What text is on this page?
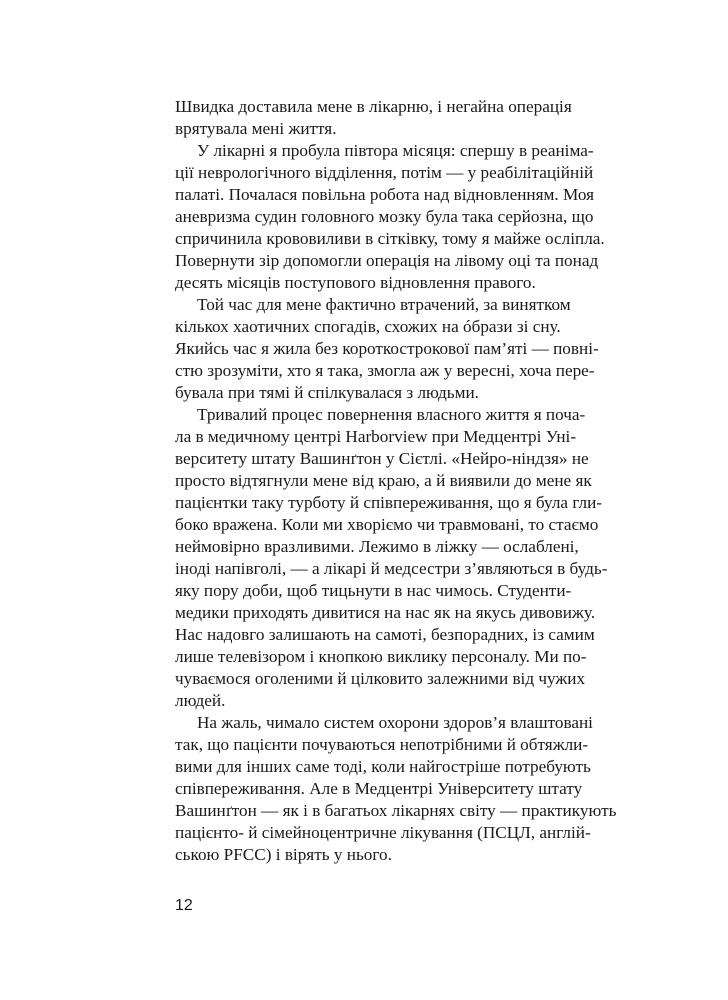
Швидка доставила мене в лікарню, і негайна операція
врятувала мені життя.
У лікарні я пробула півтора місяця: спершу в реаніма-
ції неврологічного відділення, потім — у реабілітаційній
палаті. Почалася повільна робота над відновленням. Моя
аневризма судин головного мозку була така серйозна, що
спричинила крововиливи в сітківку, тому я майже осліпла.
Повернути зір допомогли операція на лівому оці та понад
десять місяців поступового відновлення правого.
Той час для мене фактично втрачений, за винятком
кількох хаотичних спогадів, схожих на óбрази зі сну.
Якийсь час я жила без короткострокової пам’яті — повні-
стю зрозуміти, хто я така, змогла аж у вересні, хоча пере-
бувала при тямі й спілкувалася з людьми.
Тривалий процес повернення власного життя я поча-
ла в медичному центрі Harborview при Медцентрі Уні-
верситету штату Вашинґтон у Сієтлі. «Нейро-ніндзя» не
просто відтягнули мене від краю, а й виявили до мене як
пацієнтки таку турботу й співпереживання, що я була гли-
боко вражена. Коли ми хворіємо чи травмовані, то стаємо
неймовірно вразливими. Лежимо в ліжку — ослаблені,
іноді напівголі, — а лікарі й медсестри з’являються в будь-
яку пору доби, щоб тицьнути в нас чимось. Студенти-
медики приходять дивитися на нас як на якусь дивовижу.
Нас надовго залишають на самоті, безпорадних, із самим
лише телевізором і кнопкою виклику персоналу. Ми по-
чуваємося оголеними й цілковито залежними від чужих
людей.
На жаль, чимало систем охорони здоров’я влаштовані
так, що пацієнти почуваються непотрібними й обтяжли-
вими для інших саме тоді, коли найгостріше потребують
співпереживання. Але в Медцентрі Університету штату
Вашинґтон — як і в багатьох лікарнях світу — практикують
пацієнто- й сімейноцентричне лікування (ПСЦЛ, англій-
ською PFCC) і вірять у нього.
12
